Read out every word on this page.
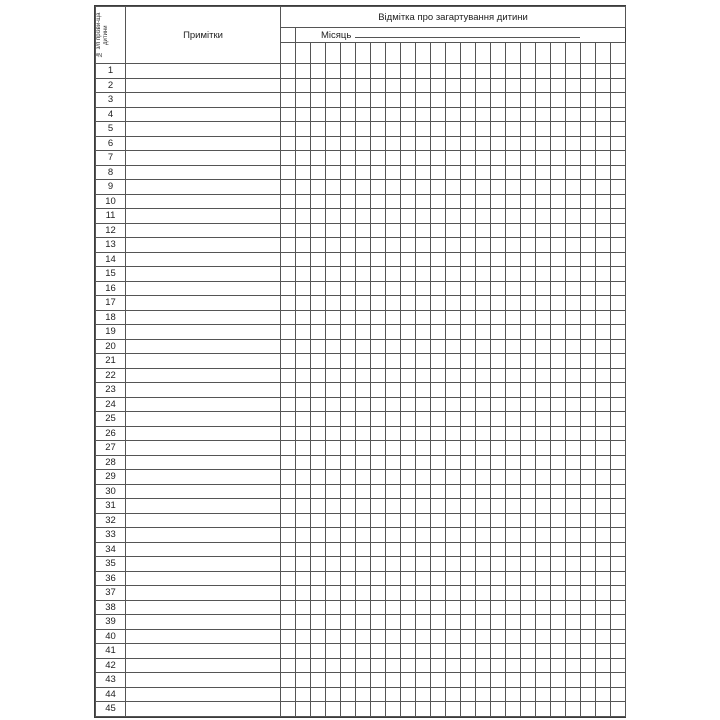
№ з/п прізви-ща дитини	Примітки	Відмітка про загартування дитини																						
		Місяць																						

1																								
2																								
3																								
4																								
5																								
6																								
7																								
8																								
9																								
10																								
11																								
12																								
13																								
14																								
15																								
16																								
17																								
18																								
19																								
20																								
21																								
22																								
23																								
24																								
25																								
26																								
27																								
28																								
29																								
30																								
31																								
32																								
33																								
34																								
35																								
36																								
37																								
38																								
39																								
40																								
41																								
42																								
43																								
44																								
45																								
